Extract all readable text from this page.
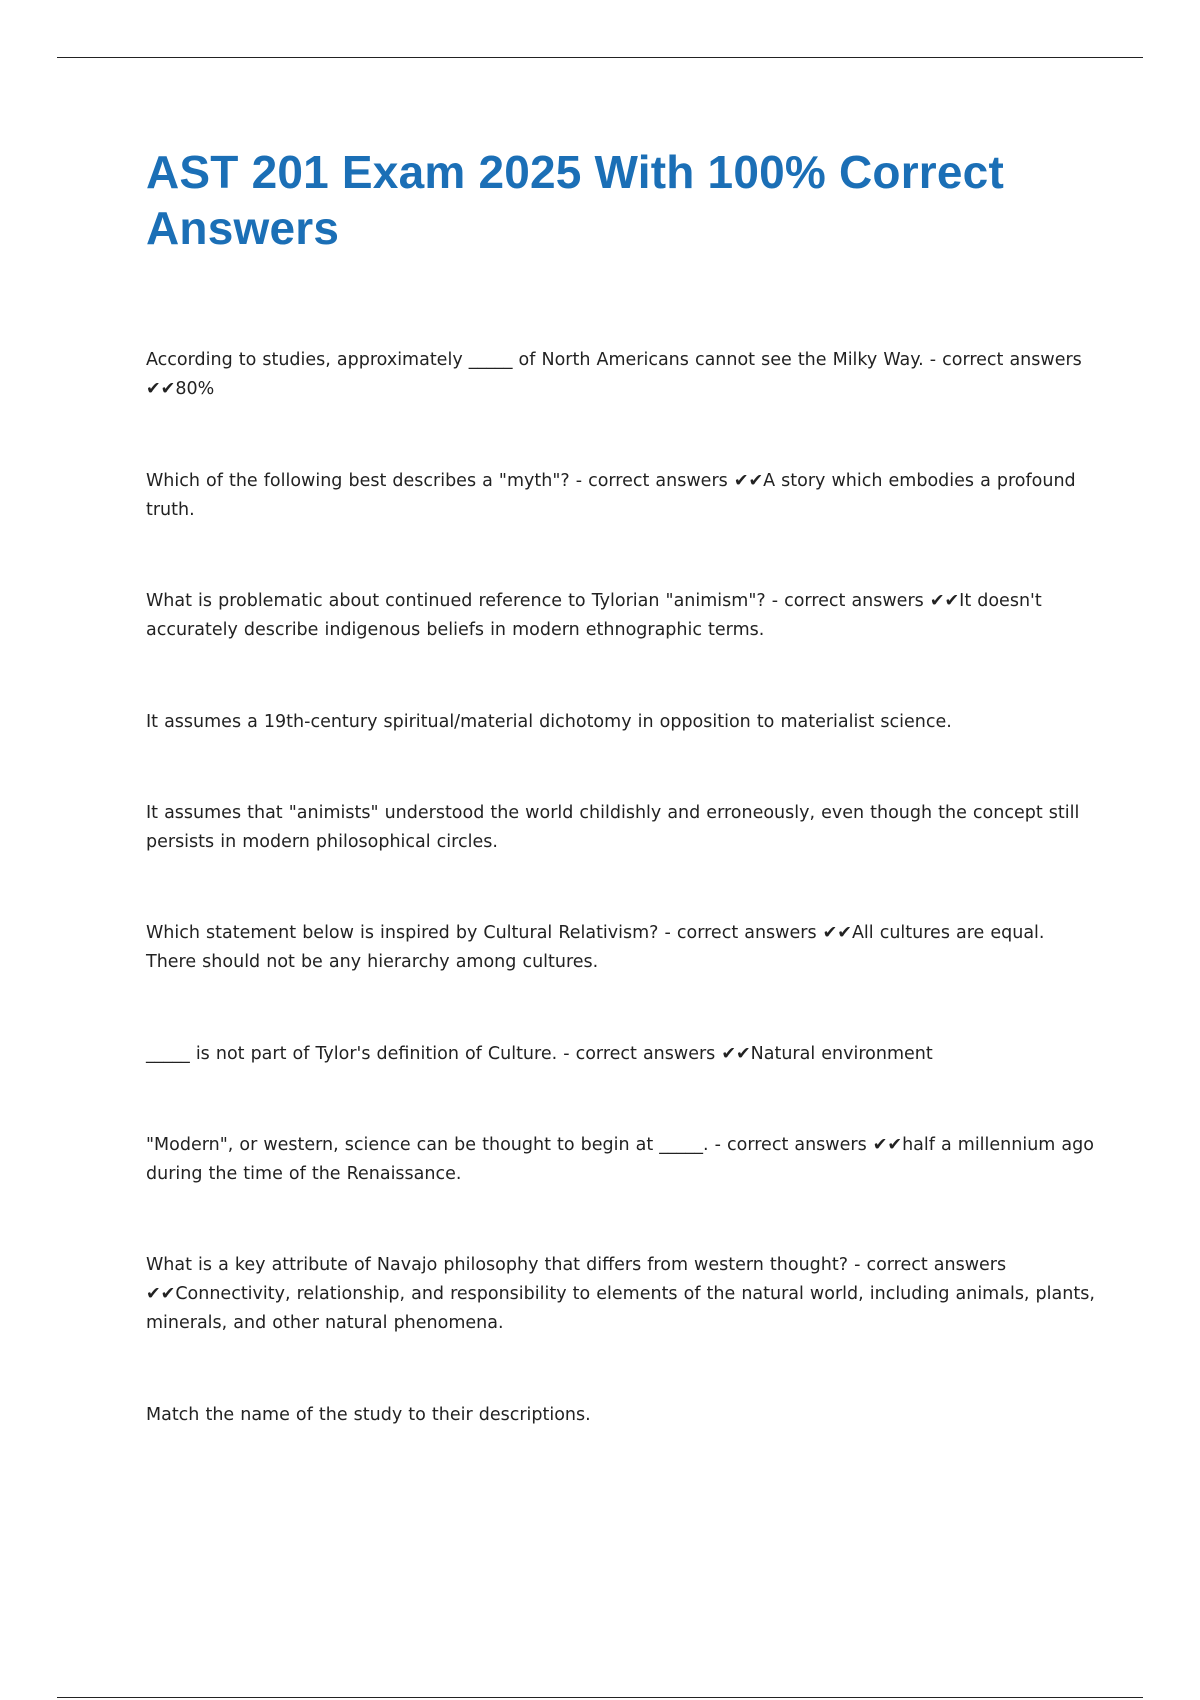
AST 201 Exam 2025 With 100% Correct Answers

According to studies, approximately _____ of North Americans cannot see the Milky Way. - correct answers ✔✔80%

Which of the following best describes a "myth"? - correct answers ✔✔A story which embodies a profound truth.

What is problematic about continued reference to Tylorian "animism"? - correct answers ✔✔It doesn't accurately describe indigenous beliefs in modern ethnographic terms.

It assumes a 19th-century spiritual/material dichotomy in opposition to materialist science.

It assumes that "animists" understood the world childishly and erroneously, even though the concept still persists in modern philosophical circles.

Which statement below is inspired by Cultural Relativism? - correct answers ✔✔All cultures are equal. There should not be any hierarchy among cultures.

_____ is not part of Tylor's definition of Culture. - correct answers ✔✔Natural environment

"Modern", or western, science can be thought to begin at _____. - correct answers ✔✔half a millennium ago during the time of the Renaissance.

What is a key attribute of Navajo philosophy that differs from western thought? - correct answers ✔✔Connectivity, relationship, and responsibility to elements of the natural world, including animals, plants, minerals, and other natural phenomena.

Match the name of the study to their descriptions.
